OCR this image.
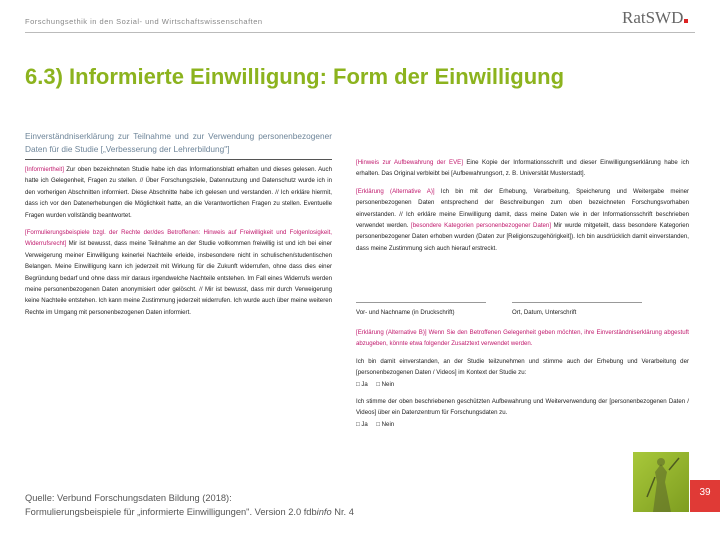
Forschungsethik in den Sozial- und Wirtschaftswissenschaften	RatSWD
6.3) Informierte Einwilligung: Form der Einwilligung
Einverständniserklärung zur Teilnahme und zur Verwendung personenbezogener Daten für die Studie [„Verbesserung der Lehrerbildung"]

[Informiertheit] Zur oben bezeichneten Studie habe ich das Informationsblatt erhalten und dieses gelesen. Auch hatte ich Gelegenheit, Fragen zu stellen. // Über Forschungsziele, Datennutzung und Datenschutz wurde ich in den vorherigen Abschnitten informiert. Diese Abschnitte habe ich gelesen und verstanden. // Ich erkläre hiermit, dass ich vor den Datenerhebungen die Möglichkeit hatte, an die Verantwortlichen Fragen zu stellen. Eventuelle Fragen wurden vollständig beantwortet.

[Formulierungsbeispiele bzgl. der Rechte der/des Betroffenen: Hinweis auf Freiwilligkeit und Folgenlosigkeit, Widerrufsrecht] Mir ist bewusst, dass meine Teilnahme an der Studie vollkommen freiwillig ist und ich bei einer Verweigerung meiner Einwilligung keinerlei Nachteile erleide, insbesondere nicht in schulischen/studentischen Belangen. Meine Einwilligung kann ich jederzeit mit Wirkung für die Zukunft widerrufen, ohne dass dies einer Begründung bedarf und ohne dass mir daraus irgendwelche Nachteile entstehen. Im Fall eines Widerrufs werden meine personenbezogenen Daten anonymisiert oder gelöscht. // Mir ist bewusst, dass mir durch Verweigerung keine Nachteile entstehen. Ich kann meine Zustimmung jederzeit widerrufen. Ich wurde auch über meine weiteren Rechte im Umgang mit personenbezogenen Daten informiert.

[Hinweis zur Aufbewahrung der EVE] Eine Kopie der Informationsschrift und dieser Einwilligungserklärung habe ich erhalten. Das Original verbleibt bei [Aufbewahrungsort, z. B. Universität Musterstadt].

[Erklärung (Alternative A)] Ich bin mit der Erhebung, Verarbeitung, Speicherung und Weitergabe meiner personenbezogenen Daten entsprechend der Beschreibungen zum oben bezeichneten Forschungsvorhaben einverstanden. // Ich erkläre meine Einwilligung damit, dass meine Daten wie in der Informationsschrift beschrieben verwendet werden. [besondere Kategorien personenbezogener Daten] Mir wurde mitgeteilt, dass besondere Kategorien personenbezogener Daten erhoben wurden (Daten zur [Religionszugehörigkeit]). Ich bin ausdrücklich damit einverstanden, dass meine Zustimmung sich auch hierauf erstreckt.

Vor- und Nachname (in Druckschrift)	Ort, Datum, Unterschrift

[Erklärung (Alternative B)] Wenn Sie den Betroffenen Gelegenheit geben möchten, ihre Einverständniserklärung abgestuft abzugeben, könnte etwa folgender Zusatztext verwendet werden.

Ich bin damit einverstanden, an der Studie teilzunehmen und stimme auch der Erhebung und Verarbeitung der [personenbezogenen Daten / Videos] im Kontext der Studie zu:

□ Ja □ Nein

Ich stimme der oben beschriebenen geschützten Aufbewahrung und Weiterverwendung der [personenbezogenen Daten / Videos] über ein Datenzentrum für Forschungsdaten zu.

□ Ja □ Nein

Quelle: Verbund Forschungsdaten Bildung (2018):
Formulierungsbeispiele für „informierte Einwilligungen". Version 2.0 fdbinfo Nr. 4
39
